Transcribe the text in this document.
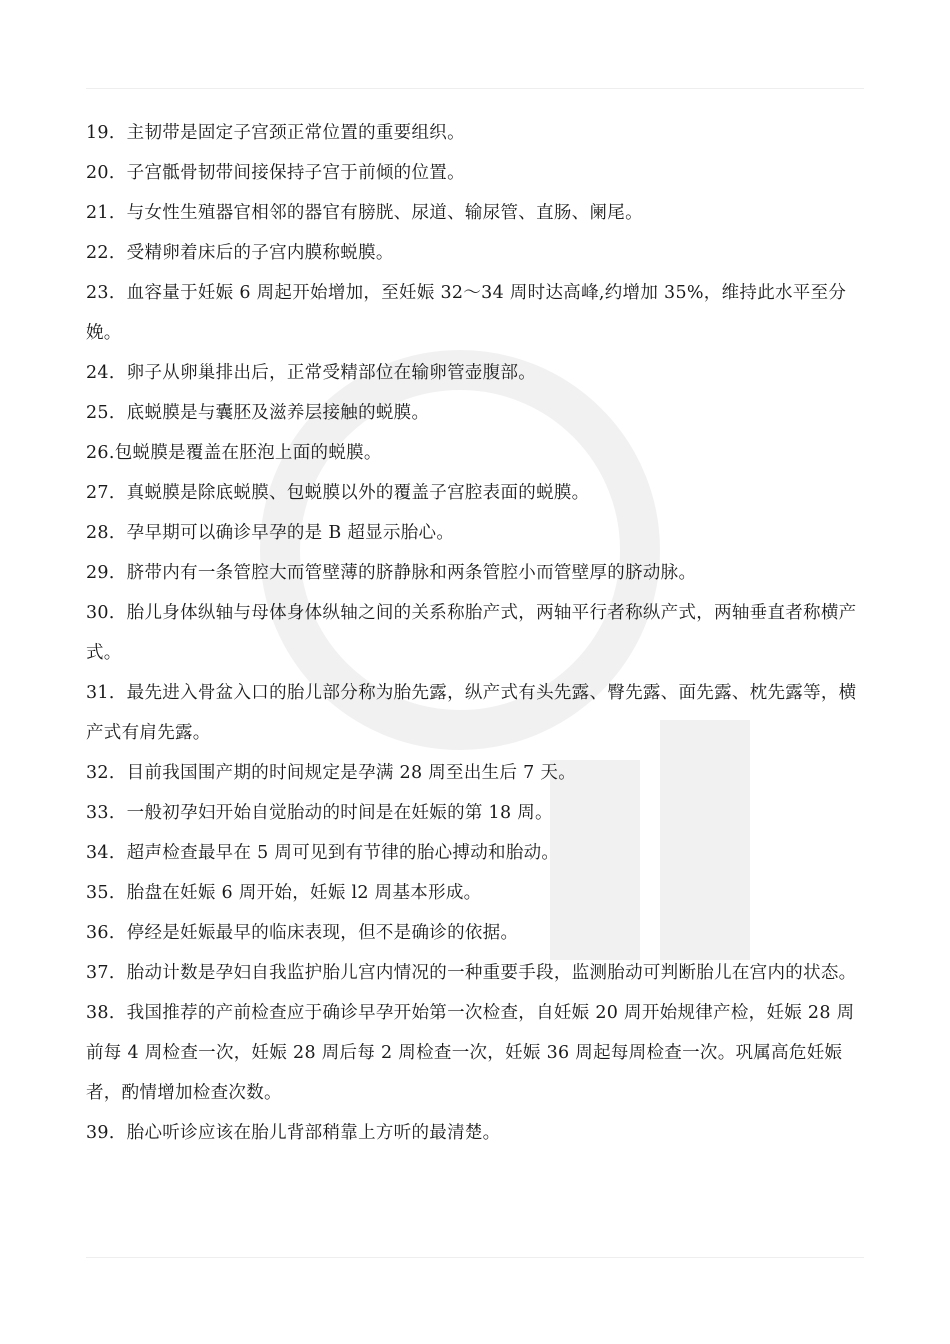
19．主韧带是固定子宫颈正常位置的重要组织。

20．子宫骶骨韧带间接保持子宫于前倾的位置。

21．与女性生殖器官相邻的器官有膀胱、尿道、输尿管、直肠、阑尾。

22．受精卵着床后的子宫内膜称蜕膜。

23．血容量于妊娠 6 周起开始增加，至妊娠 32～34 周时达高峰,约增加 35%，维持此水平至分娩。

24．卵子从卵巢排出后，正常受精部位在输卵管壶腹部。

25．底蜕膜是与囊胚及滋养层接触的蜕膜。

26.包蜕膜是覆盖在胚泡上面的蜕膜。

27．真蜕膜是除底蜕膜、包蜕膜以外的覆盖子宫腔表面的蜕膜。

28．孕早期可以确诊早孕的是 B 超显示胎心。

29．脐带内有一条管腔大而管壁薄的脐静脉和两条管腔小而管壁厚的脐动脉。

30．胎儿身体纵轴与母体身体纵轴之间的关系称胎产式，两轴平行者称纵产式，两轴垂直者称横产式。

31．最先进入骨盆入口的胎儿部分称为胎先露，纵产式有头先露、臀先露、面先露、枕先露等，横产式有肩先露。

32．目前我国围产期的时间规定是孕满 28 周至出生后 7 天。

33．一般初孕妇开始自觉胎动的时间是在妊娠的第 18 周。

34．超声检查最早在 5 周可见到有节律的胎心搏动和胎动。

35．胎盘在妊娠 6 周开始，妊娠 l2 周基本形成。

36．停经是妊娠最早的临床表现，但不是确诊的依据。

37．胎动计数是孕妇自我监护胎儿宫内情况的一种重要手段，监测胎动可判断胎儿在宫内的状态。

38．我国推荐的产前检查应于确诊早孕开始第一次检查，自妊娠 20 周开始规律产检，妊娠 28 周前每 4 周检查一次，妊娠 28 周后每 2 周检查一次，妊娠 36 周起每周检查一次。巩属高危妊娠者，酌情增加检查次数。

39．胎心听诊应该在胎儿背部稍靠上方听的最清楚。
